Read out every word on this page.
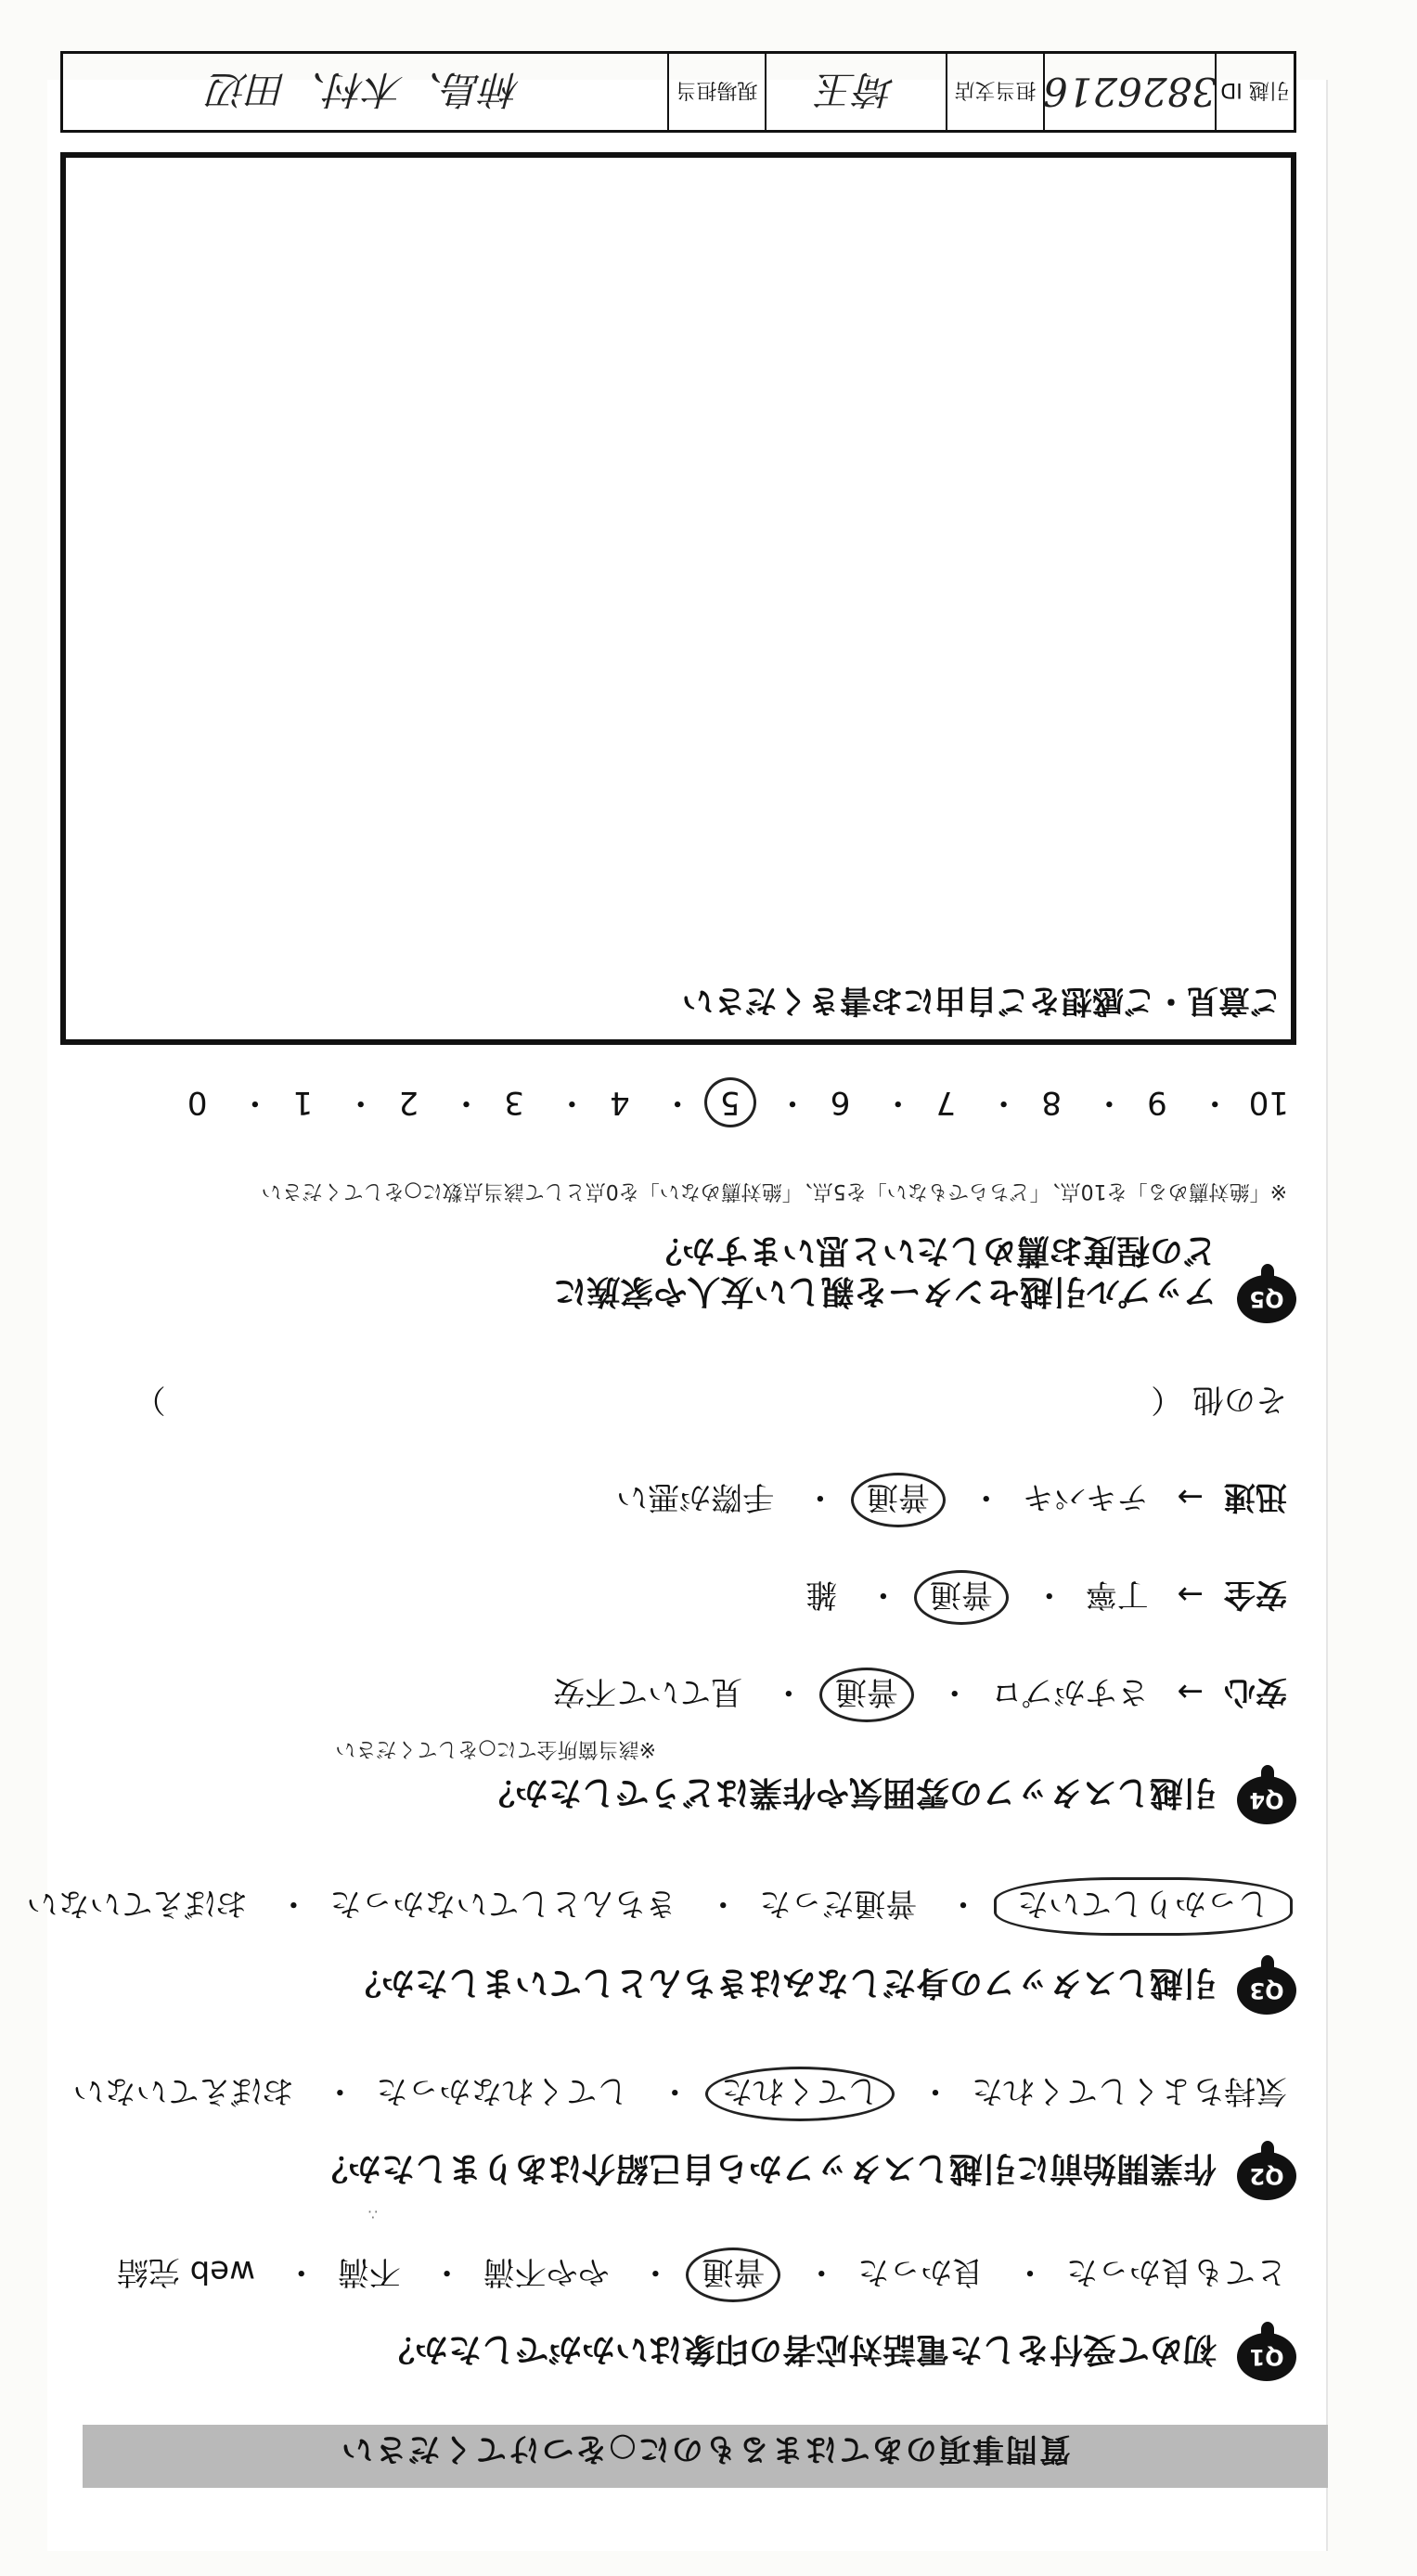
質問事項のあてはまるものに○をつけてください
Q1
初めて受付をした電話対応者の印象はいかがでしたか？
とても良かった・ 良かった・ 普通・ やや不満・ 不満・ web 完結
Q2
作業開始前に引越しスタッフから自己紹介はありましたか？
気持ちよくしてくれた・ してくれた・ してくれなかった・ おぼえていない
Q3
引越しスタッフの身だしなみはきちんとしていましたか？
しっかりしていた・ 普通だった・ きちんとしていなかった・ おぼえていない
Q4
引越しスタッフの雰囲気や作業はどうでしたか？
※該当箇所全てに○をしてください
安心→ さすがプロ・ 普通・ 見ていて不安
安全→ 丁寧・ 普通・ 雑
迅速→ テキパキ・ 普通・ 手際が悪い
その他 （  ）
Q5
アップル引越センターを親しい友人や家族に
どの程度お薦めしたいと思いますか？
※「絶対薦める」を10点、「どちらでもない」を5点、「絶対薦めない」を0点として該当点数に○をしてください
10・ 9・ 8・ 7・ 6・ 5・ 4・ 3・ 2・ 1・ 0
ご意見・ご感想をご自由にお書きください
引越 ID
3826216
担当支店
埼玉
現場担当
柿島、木村、田辺
∴
